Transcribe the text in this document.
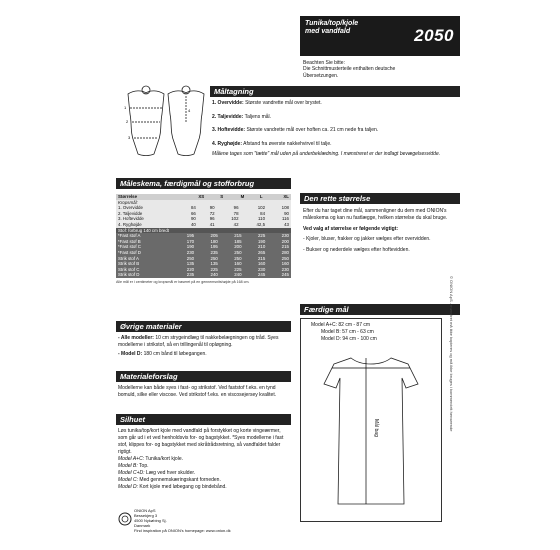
Tunika/top/kjole
med vandfald	2050
Beachten Sie bitte:
Die Schnittmusterteile enthalten deutsche
Übersetzungen.
Måltagning
1
2
3
4
1. Overvidde: Største vandrette mål over brystet.
2. Taljevidde: Taljens mål.
3. Hoftevidde: Største vandrette mål over hoften ca. 21 cm nede fra taljen.
4. Ryghøjde: Afstand fra øverste nakkehvirvel til talje.
Målene tages som "tætte" mål uden på underbeklædning. I mønstreret er der indlagt bevægelsesvidde.
Måleskema, færdigmål og stofforbrug
Størrelse	XS	S	M	L	XL
Kropsmål:
1. Overvidde	84	90	96	102	108
2. Taljevidde	66	72	78	84	90
3. Hoftevidde	90	96	102	110	116
4. Ryghøjde	40	41	42	42,5	43
Stof: forbrug 140 cm bredt
*Fast stof A	195	205	215	225	230
*Fast stof B	170	180	185	190	200
*Fast stof C	190	195	200	210	215
*Fast stof D	230	235	250	265	280
Strik stof A	250	250	250	215	250
Strik stof B	135	135	160	160	160
Strik stof C	220	225	225	230	230
Strik stof D	235	240	240	245	245
Alle mål er i centimeter og kropsmål er baseret på en gennemsnitshøjde på 168 cm.
Den rette størrelse
Efter du har taget dine mål, sammenligner du dem med ONION's måleskema og kan nu fastlægge, hvilken størrelse du skal bruge.
Ved valg af størrelse er følgende vigtigt:
- Kjoler, bluser, frakker og jakker vælges efter overvidden.
- Bukser og nederdele vælges efter hoftevidden.
Færdige mål
Model A+C: 82 cm - 87 cm
Model B: 57 cm - 63 cm
Model D: 94 cm - 100 cm
Mål bag
Øvrige materialer
- Alle modeller: 10 cm strygeindlæg til nakkebelægningen og tråd. Syes modellerne i strikstof, så en trillingenål til opløgning.
- Model D: 180 cm bånd til løbegangen.
Materialeforslag
Modellerne kan både syes i fast- og strikstof. Ved faststof f.eks. en tynd bomuld, silke eller viscose. Ved strikstof f.eks. en viscosejersey kvalitet.
Silhuet
Løs tunika/top/kort kjole med vandfald på forstykket og korte vingeærmer, som går ud i et ved henholdsvis for- og bagstykket. *Syes modellerne i fast stof, klippes for- og bagstykket med skråtrådsretning, så vandfaldet falder rigtigt.
Model A+C: Tunika/kort kjole.
Model B: Top.
Model C+D: Læg ved hver skulder.
Model C: Med gennemskæringskant forneden.
Model D: Kort kjole med løbegang og bindebånd.
ONION ApS
Bessekjerg 3
4500 Nykøbing Sj.
Danmark
Find inspiration på ONION's homepage: www.onion.dk
© ONION ApS - mønstret må ikke kopieres og må ikke bruges i kommercielt henseende
